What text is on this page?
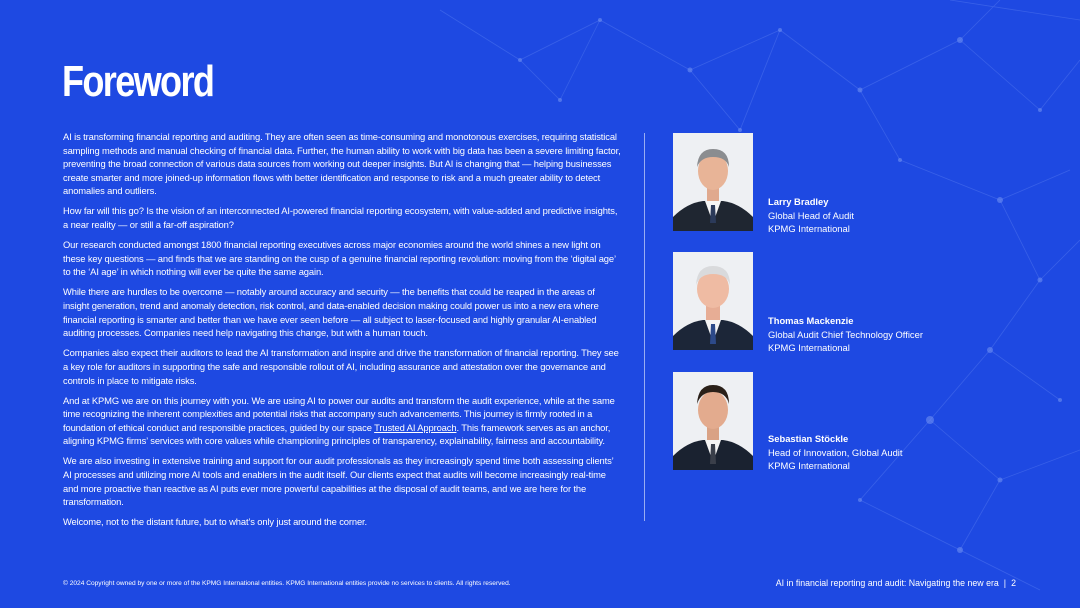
Foreword

AI is transforming financial reporting and auditing. They are often seen as time-consuming and monotonous exercises, requiring statistical sampling methods and manual checking of financial data. Further, the human ability to work with big data has been a severe limiting factor, preventing the broad connection of various data sources from working out deeper insights. But AI is changing that — helping businesses create smarter and more joined-up information flows with better identification and response to risk and a much greater ability to detect anomalies and outliers.

How far will this go? Is the vision of an interconnected AI-powered financial reporting ecosystem, with value-added and predictive insights, a near reality — or still a far-off aspiration?

Our research conducted amongst 1800 financial reporting executives across major economies around the world shines a new light on these key questions — and finds that we are standing on the cusp of a genuine financial reporting revolution: moving from the ‘digital age’ to the ‘AI age’ in which nothing will ever be quite the same again.

While there are hurdles to be overcome — notably around accuracy and security — the benefits that could be reaped in the areas of insight generation, trend and anomaly detection, risk control, and data-enabled decision making could power us into a new era where financial reporting is smarter and better than we have ever seen before — all subject to laser-focused and highly granular AI-enabled auditing processes. Companies need help navigating this change, but with a human touch.

Companies also expect their auditors to lead the AI transformation and inspire and drive the transformation of financial reporting. They see a key role for auditors in supporting the safe and responsible rollout of AI, including assurance and attestation over the governance and controls in place to mitigate risks.

And at KPMG we are on this journey with you. We are using AI to power our audits and transform the audit experience, while at the same time recognizing the inherent complexities and potential risks that accompany such advancements. This journey is firmly rooted in a foundation of ethical conduct and responsible practices, guided by our space Trusted AI Approach. This framework serves as an anchor, aligning KPMG firms’ services with core values while championing principles of transparency, explainability, fairness and accountability.

We are also investing in extensive training and support for our audit professionals as they increasingly spend time both assessing clients’ AI processes and utilizing more AI tools and enablers in the audit itself. Our clients expect that audits will become increasingly real-time and more proactive than reactive as AI puts ever more powerful capabilities at the disposal of audit teams, and we are here for the transformation.

Welcome, not to the distant future, but to what’s only just around the corner.

Larry Bradley
Global Head of Audit
KPMG International
Thomas Mackenzie
Global Audit Chief Technology Officer
KPMG International
Sebastian Stöckle
Head of Innovation, Global Audit
KPMG International
© 2024 Copyright owned by one or more of the KPMG International entities. KPMG International entities provide no services to clients. All rights reserved.	AI in financial reporting and audit: Navigating the new era | 2
